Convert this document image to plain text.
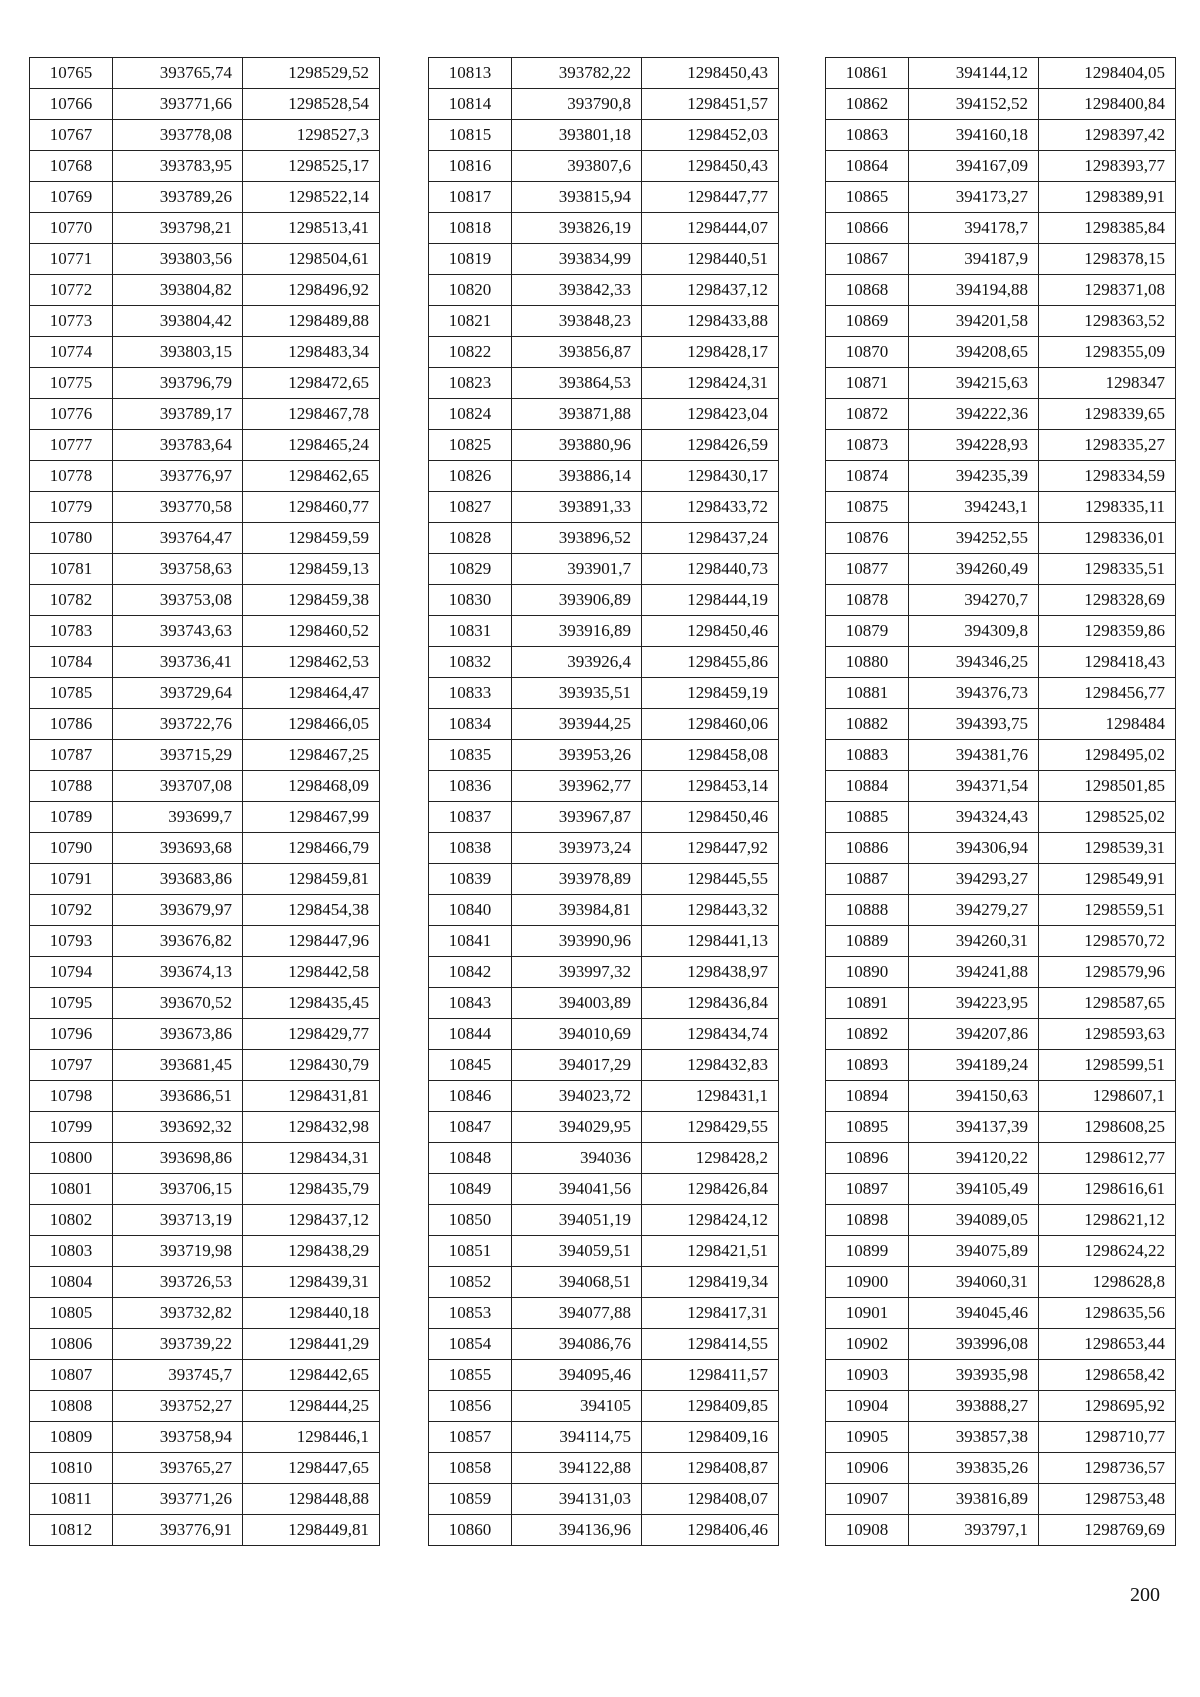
10765	393765,74	1298529,52
10766	393771,66	1298528,54
10767	393778,08	1298527,3
10768	393783,95	1298525,17
10769	393789,26	1298522,14
10770	393798,21	1298513,41
10771	393803,56	1298504,61
10772	393804,82	1298496,92
10773	393804,42	1298489,88
10774	393803,15	1298483,34
10775	393796,79	1298472,65
10776	393789,17	1298467,78
10777	393783,64	1298465,24
10778	393776,97	1298462,65
10779	393770,58	1298460,77
10780	393764,47	1298459,59
10781	393758,63	1298459,13
10782	393753,08	1298459,38
10783	393743,63	1298460,52
10784	393736,41	1298462,53
10785	393729,64	1298464,47
10786	393722,76	1298466,05
10787	393715,29	1298467,25
10788	393707,08	1298468,09
10789	393699,7	1298467,99
10790	393693,68	1298466,79
10791	393683,86	1298459,81
10792	393679,97	1298454,38
10793	393676,82	1298447,96
10794	393674,13	1298442,58
10795	393670,52	1298435,45
10796	393673,86	1298429,77
10797	393681,45	1298430,79
10798	393686,51	1298431,81
10799	393692,32	1298432,98
10800	393698,86	1298434,31
10801	393706,15	1298435,79
10802	393713,19	1298437,12
10803	393719,98	1298438,29
10804	393726,53	1298439,31
10805	393732,82	1298440,18
10806	393739,22	1298441,29
10807	393745,7	1298442,65
10808	393752,27	1298444,25
10809	393758,94	1298446,1
10810	393765,27	1298447,65
10811	393771,26	1298448,88
10812	393776,91	1298449,81
10813	393782,22	1298450,43
10814	393790,8	1298451,57
10815	393801,18	1298452,03
10816	393807,6	1298450,43
10817	393815,94	1298447,77
10818	393826,19	1298444,07
10819	393834,99	1298440,51
10820	393842,33	1298437,12
10821	393848,23	1298433,88
10822	393856,87	1298428,17
10823	393864,53	1298424,31
10824	393871,88	1298423,04
10825	393880,96	1298426,59
10826	393886,14	1298430,17
10827	393891,33	1298433,72
10828	393896,52	1298437,24
10829	393901,7	1298440,73
10830	393906,89	1298444,19
10831	393916,89	1298450,46
10832	393926,4	1298455,86
10833	393935,51	1298459,19
10834	393944,25	1298460,06
10835	393953,26	1298458,08
10836	393962,77	1298453,14
10837	393967,87	1298450,46
10838	393973,24	1298447,92
10839	393978,89	1298445,55
10840	393984,81	1298443,32
10841	393990,96	1298441,13
10842	393997,32	1298438,97
10843	394003,89	1298436,84
10844	394010,69	1298434,74
10845	394017,29	1298432,83
10846	394023,72	1298431,1
10847	394029,95	1298429,55
10848	394036	1298428,2
10849	394041,56	1298426,84
10850	394051,19	1298424,12
10851	394059,51	1298421,51
10852	394068,51	1298419,34
10853	394077,88	1298417,31
10854	394086,76	1298414,55
10855	394095,46	1298411,57
10856	394105	1298409,85
10857	394114,75	1298409,16
10858	394122,88	1298408,87
10859	394131,03	1298408,07
10860	394136,96	1298406,46
10861	394144,12	1298404,05
10862	394152,52	1298400,84
10863	394160,18	1298397,42
10864	394167,09	1298393,77
10865	394173,27	1298389,91
10866	394178,7	1298385,84
10867	394187,9	1298378,15
10868	394194,88	1298371,08
10869	394201,58	1298363,52
10870	394208,65	1298355,09
10871	394215,63	1298347
10872	394222,36	1298339,65
10873	394228,93	1298335,27
10874	394235,39	1298334,59
10875	394243,1	1298335,11
10876	394252,55	1298336,01
10877	394260,49	1298335,51
10878	394270,7	1298328,69
10879	394309,8	1298359,86
10880	394346,25	1298418,43
10881	394376,73	1298456,77
10882	394393,75	1298484
10883	394381,76	1298495,02
10884	394371,54	1298501,85
10885	394324,43	1298525,02
10886	394306,94	1298539,31
10887	394293,27	1298549,91
10888	394279,27	1298559,51
10889	394260,31	1298570,72
10890	394241,88	1298579,96
10891	394223,95	1298587,65
10892	394207,86	1298593,63
10893	394189,24	1298599,51
10894	394150,63	1298607,1
10895	394137,39	1298608,25
10896	394120,22	1298612,77
10897	394105,49	1298616,61
10898	394089,05	1298621,12
10899	394075,89	1298624,22
10900	394060,31	1298628,8
10901	394045,46	1298635,56
10902	393996,08	1298653,44
10903	393935,98	1298658,42
10904	393888,27	1298695,92
10905	393857,38	1298710,77
10906	393835,26	1298736,57
10907	393816,89	1298753,48
10908	393797,1	1298769,69
200
